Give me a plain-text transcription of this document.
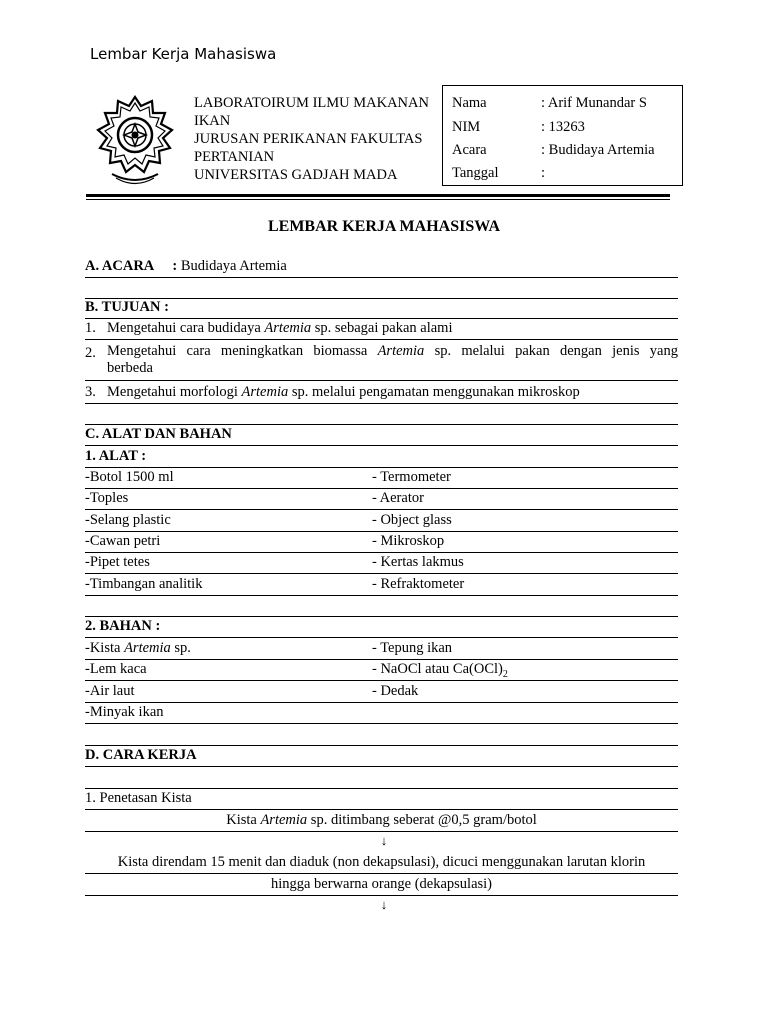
Lembar Kerja Mahasiswa
LABORATOIRUM ILMU MAKANAN
IKAN
JURUSAN PERIKANAN FAKULTAS
PERTANIAN
UNIVERSITAS GADJAH MADA
Nama	: Arif Munandar S
NIM	: 13263
Acara	: Budidaya Artemia
Tanggal	:
LEMBAR KERJA MAHASISWA
A. ACARA : Budidaya Artemia
B. TUJUAN :
1. Mengetahui cara budidaya Artemia sp. sebagai pakan alami
2. Mengetahui cara meningkatkan biomassa Artemia sp. melalui pakan dengan jenis yang
berbeda
3. Mengetahui morfologi Artemia sp. melalui pengamatan menggunakan mikroskop
C. ALAT DAN BAHAN
1. ALAT :
-Botol 1500 ml	- Termometer
-Toples	- Aerator
-Selang plastic	- Object glass
-Cawan petri	- Mikroskop
-Pipet tetes	- Kertas lakmus
-Timbangan analitik	- Refraktometer
2. BAHAN :
-Kista Artemia sp.	- Tepung ikan
-Lem kaca	- NaOCl atau $Ca(OCl)_2$
-Air laut	- Dedak
-Minyak ikan
D. CARA KERJA
1. Penetasan Kista
Kista Artemia sp. ditimbang seberat @0,5 gram/botol
↓
Kista direndam 15 menit dan diaduk (non dekapsulasi), dicuci menggunakan larutan klorin
hingga berwarna orange (dekapsulasi)
↓
